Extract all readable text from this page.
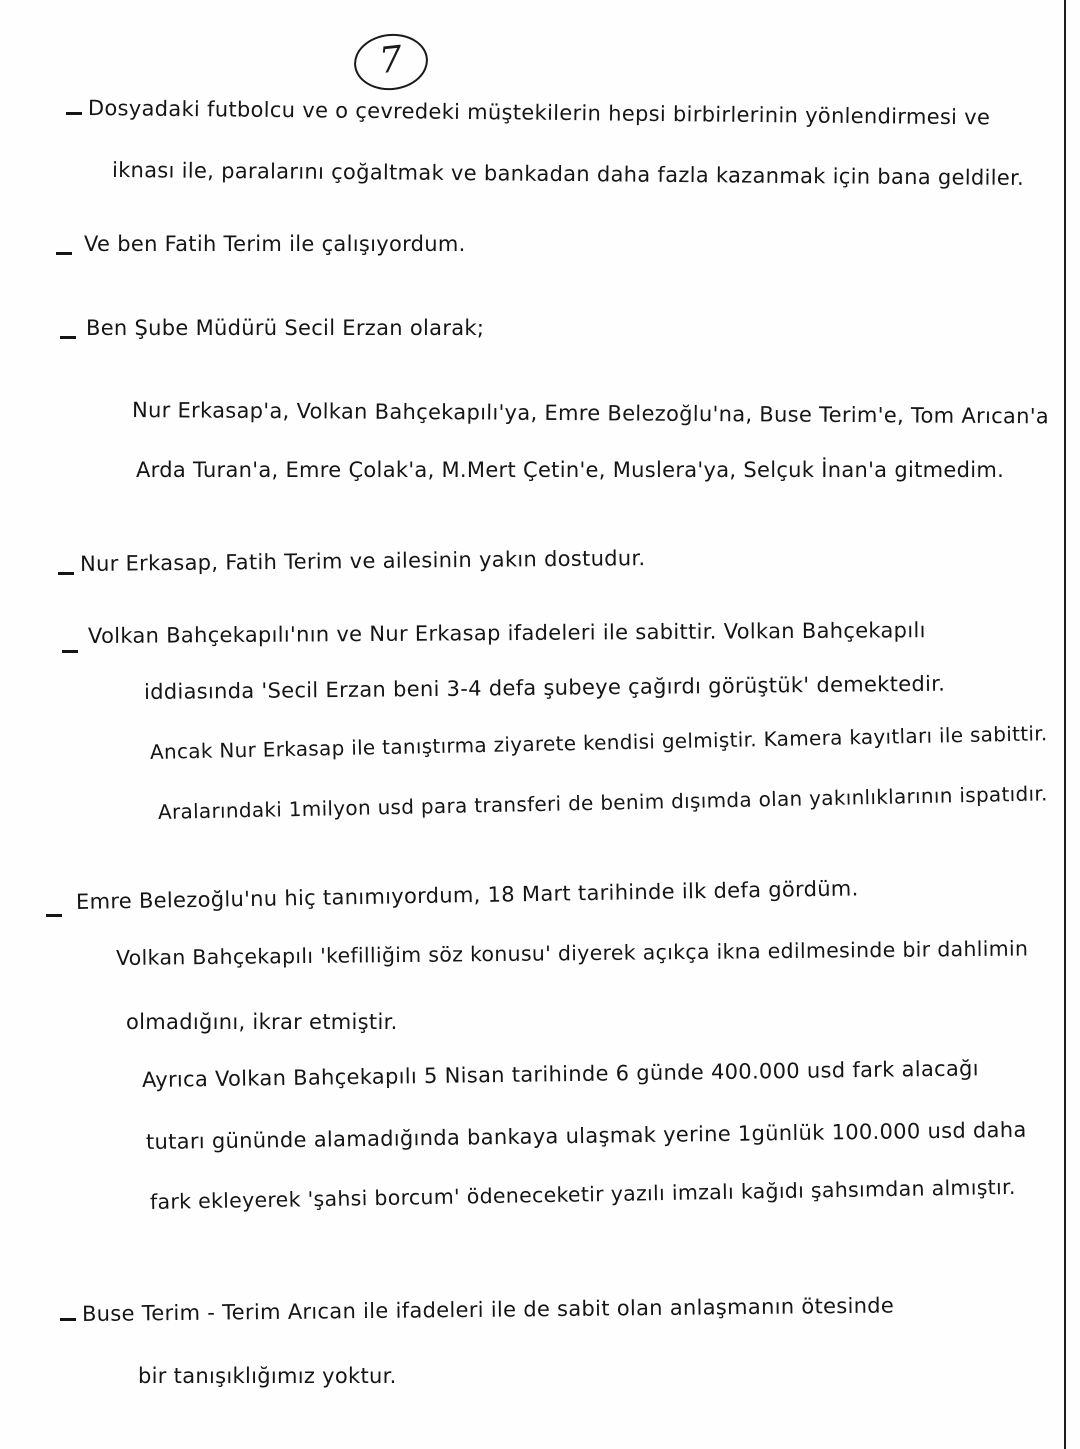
7
Dosyadaki futbolcu ve o çevredeki müştekilerin hepsi birbirlerinin yönlendirmesi ve
iknası ile, paralarını çoğaltmak ve bankadan daha fazla kazanmak için bana geldiler.
Ve ben Fatih Terim ile çalışıyordum.
Ben Şube Müdürü Secil Erzan olarak;
Nur Erkasap'a, Volkan Bahçekapılı'ya, Emre Belezoğlu'na, Buse Terim'e, Tom Arıcan'a
Arda Turan'a, Emre Çolak'a, M.Mert Çetin'e, Muslera'ya, Selçuk İnan'a gitmedim.
Nur Erkasap, Fatih Terim ve ailesinin yakın dostudur.
Volkan Bahçekapılı'nın ve Nur Erkasap ifadeleri ile sabittir. Volkan Bahçekapılı
iddiasında 'Secil Erzan beni 3-4 defa şubeye çağırdı görüştük' demektedir.
Ancak Nur Erkasap ile tanıştırma ziyarete kendisi gelmiştir. Kamera kayıtları ile sabittir.
Aralarındaki 1milyon usd para transferi de benim dışımda olan yakınlıklarının ispatıdır.
Emre Belezoğlu'nu hiç tanımıyordum, 18 Mart tarihinde ilk defa gördüm.
Volkan Bahçekapılı 'kefilliğim söz konusu' diyerek açıkça ikna edilmesinde bir dahlimin
olmadığını, ikrar etmiştir.
Ayrıca Volkan Bahçekapılı 5 Nisan tarihinde 6 günde 400.000 usd fark alacağı
tutarı gününde alamadığında bankaya ulaşmak yerine 1günlük 100.000 usd daha
fark ekleyerek 'şahsi borcum' ödeneceketir yazılı imzalı kağıdı şahsımdan almıştır.
Buse Terim - Terim Arıcan ile ifadeleri ile de sabit olan anlaşmanın ötesinde
bir tanışıklığımız yoktur.
